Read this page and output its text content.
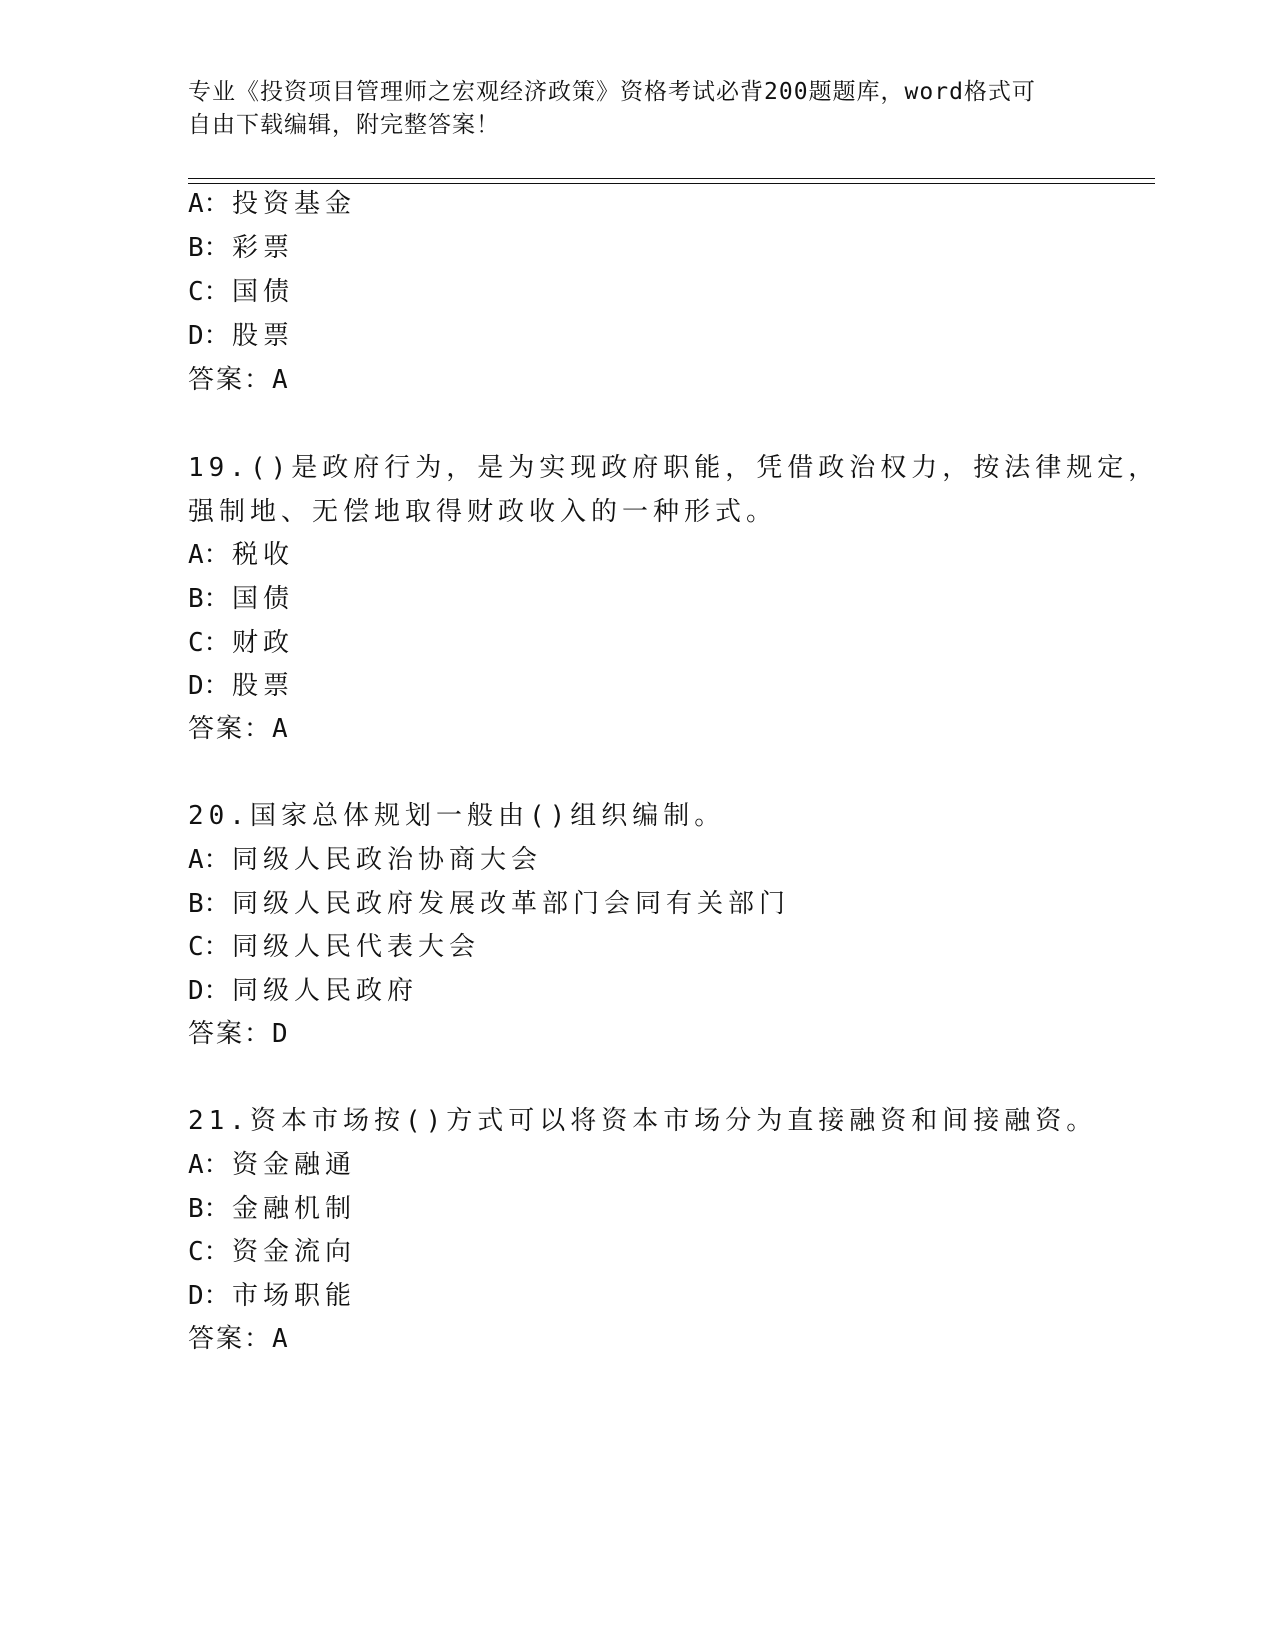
专业《投资项目管理师之宏观经济政策》资格考试必背200题题库，word格式可
自由下载编辑，附完整答案！
A：投资基金
B：彩票
C：国债
D：股票
答案：A
19.()是政府行为，是为实现政府职能，凭借政治权力，按法律规定，
强制地、无偿地取得财政收入的一种形式。
A：税收
B：国债
C：财政
D：股票
答案：A
20.国家总体规划一般由()组织编制。
A：同级人民政治协商大会
B：同级人民政府发展改革部门会同有关部门
C：同级人民代表大会
D：同级人民政府
答案：D
21.资本市场按()方式可以将资本市场分为直接融资和间接融资。
A：资金融通
B：金融机制
C：资金流向
D：市场职能
答案：A
